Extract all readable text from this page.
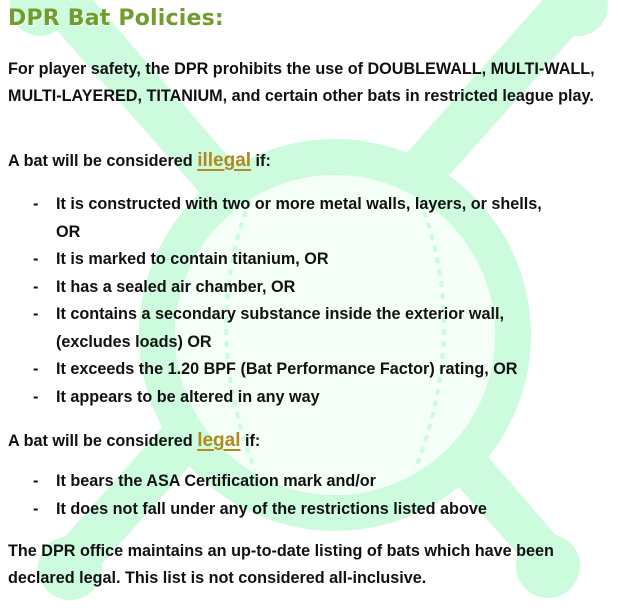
DPR Bat Policies:

For player safety, the DPR prohibits the use of DOUBLEWALL, MULTI-WALL, MULTI-LAYERED, TITANIUM, and certain other bats in restricted league play.

A bat will be considered illegal if:

- It is constructed with two or more metal walls, layers, or shells, OR
- It is marked to contain titanium, OR
- It has a sealed air chamber, OR
- It contains a secondary substance inside the exterior wall, (excludes loads) OR
- It exceeds the 1.20 BPF (Bat Performance Factor) rating, OR
- It appears to be altered in any way

A bat will be considered legal if:

- It bears the ASA Certification mark and/or
- It does not fall under any of the restrictions listed above

The DPR office maintains an up-to-date listing of bats which have been declared legal. This list is not considered all-inclusive.
